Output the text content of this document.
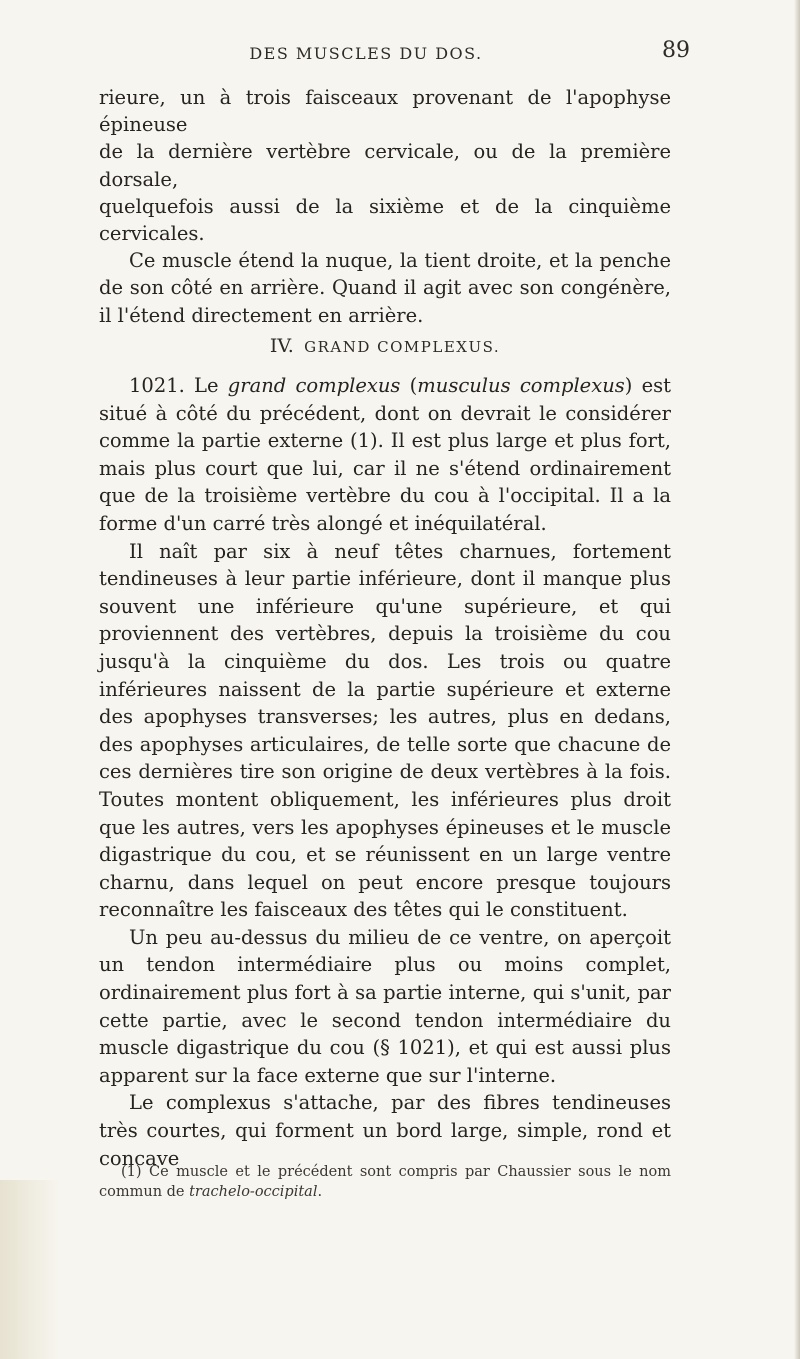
DES MUSCLES DU DOS.	89

rieure, un à trois faisceaux provenant de l'apophyse épineuse

de la dernière vertèbre cervicale, ou de la première dorsale,

quelquefois aussi de la sixième et de la cinquième cervicales.

Ce muscle étend la nuque, la tient droite, et la penche de son côté en arrière. Quand il agit avec son congénère, il l'étend directement en arrière.

IV. GRAND COMPLEXUS.

1021. Le grand complexus (musculus complexus) est situé à côté du précédent, dont on devrait le considérer comme la partie externe (1). Il est plus large et plus fort, mais plus court que lui, car il ne s'étend ordinairement que de la troisième vertèbre du cou à l'occipital. Il a la forme d'un carré très alongé et inéquilatéral.

Il naît par six à neuf têtes charnues, fortement tendineuses à leur partie inférieure, dont il manque plus souvent une inférieure qu'une supérieure, et qui proviennent des vertèbres, depuis la troisième du cou jusqu'à la cinquième du dos. Les trois ou quatre inférieures naissent de la partie supérieure et externe des apophyses transverses; les autres, plus en dedans, des apophyses articulaires, de telle sorte que chacune de ces dernières tire son origine de deux vertèbres à la fois. Toutes montent obliquement, les inférieures plus droit que les autres, vers les apophyses épineuses et le muscle digastrique du cou, et se réunissent en un large ventre charnu, dans lequel on peut encore presque toujours reconnaître les faisceaux des têtes qui le constituent.

Un peu au-dessus du milieu de ce ventre, on aperçoit un tendon intermédiaire plus ou moins complet, ordinairement plus fort à sa partie interne, qui s'unit, par cette partie, avec le second tendon intermédiaire du muscle digastrique du cou (§ 1021), et qui est aussi plus apparent sur la face externe que sur l'interne.

Le complexus s'attache, par des fibres tendineuses très courtes, qui forment un bord large, simple, rond et concave

(1) Ce muscle et le précédent sont compris par Chaussier sous le nom commun de trachelo-occipital.
